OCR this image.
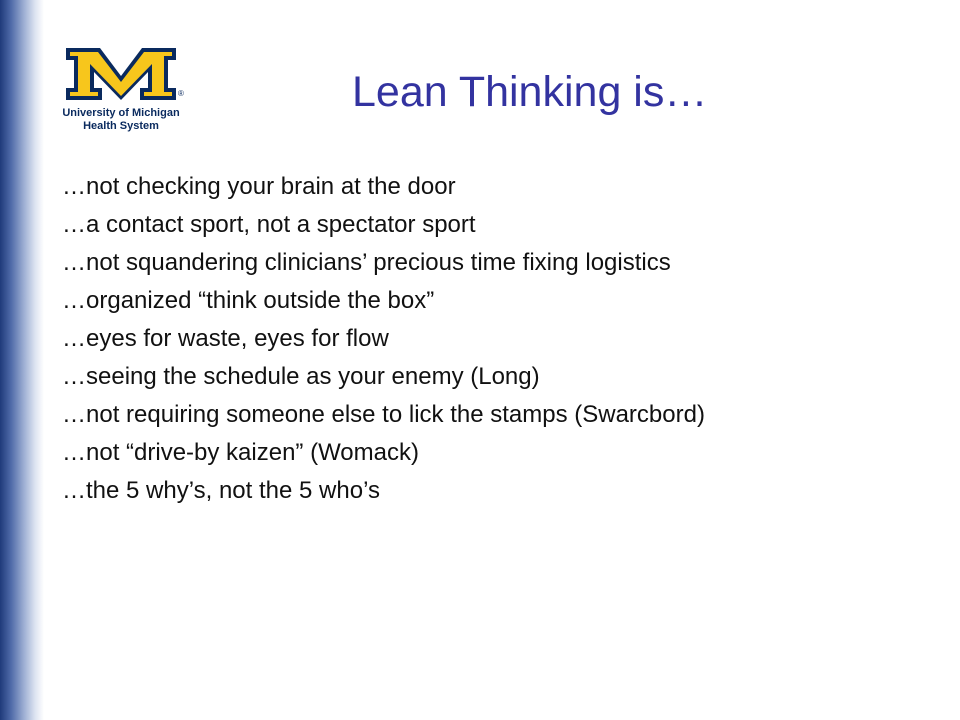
®
University of Michigan
Health System
Lean Thinking is…
…not checking your brain at the door
…a contact sport, not a spectator sport
…not squandering clinicians’ precious time fixing logistics
…organized “think outside the box”
…eyes for waste, eyes for flow
…seeing the schedule as your enemy (Long)
…not requiring someone else to lick the stamps (Swarcbord)
…not “drive-by kaizen” (Womack)
…the 5 why’s, not the 5 who’s
